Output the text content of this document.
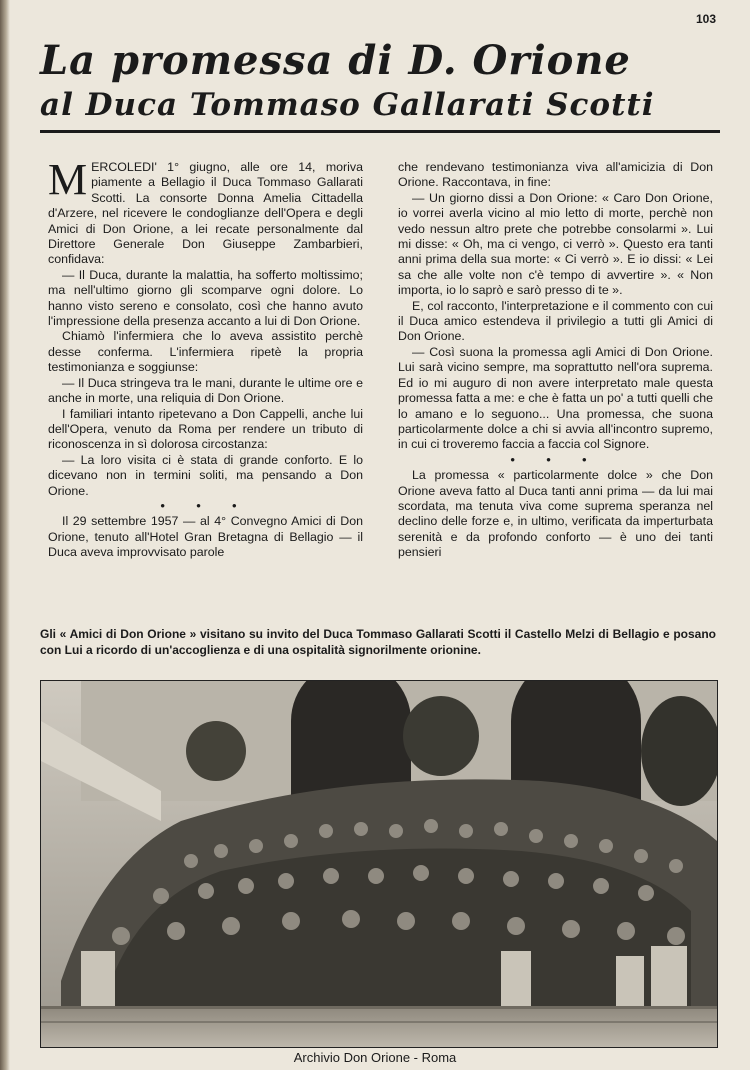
103
La promessa di D. Orione
al Duca Tommaso Gallarati Scotti

MERCOLEDI' 1° giugno, alle ore 14, moriva piamente a Bellagio il Duca Tommaso Gallarati Scotti. La consorte Donna Amelia Cittadella d'Arzere, nel ricevere le condoglianze dell'Opera e degli Amici di Don Orione, a lei recate personalmente dal Direttore Generale Don Giuseppe Zambarbieri, confidava:

— Il Duca, durante la malattia, ha sofferto moltissimo; ma nell'ultimo giorno gli scomparve ogni dolore. Lo hanno visto sereno e consolato, così che hanno avuto l'impressione della presenza accanto a lui di Don Orione.

Chiamò l'infermiera che lo aveva assistito perchè desse conferma. L'infermiera ripetè la propria testimonianza e soggiunse:

— Il Duca stringeva tra le mani, durante le ultime ore e anche in morte, una reliquia di Don Orione.

I familiari intanto ripetevano a Don Cappelli, anche lui dell'Opera, venuto da Roma per rendere un tributo di riconoscenza in sì dolorosa circostanza:

— La loro visita ci è stata di grande conforto. E lo dicevano non in termini soliti, ma pensando a Don Orione.

• • •

Il 29 settembre 1957 — al 4° Convegno Amici di Don Orione, tenuto all'Hotel Gran Bretagna di Bellagio — il Duca aveva improvvisato parole

che rendevano testimonianza viva all'amicizia di Don Orione. Raccontava, in fine:

— Un giorno dissi a Don Orione: « Caro Don Orione, io vorrei averla vicino al mio letto di morte, perchè non vedo nessun altro prete che potrebbe consolarmi ». Lui mi disse: « Oh, ma ci vengo, ci verrò ». Questo era tanti anni prima della sua morte: « Ci verrò ». E io dissi: « Lei sa che alle volte non c'è tempo di avvertire ». « Non importa, io lo saprò e sarò presso di te ».

E, col racconto, l'interpretazione e il commento con cui il Duca amico estendeva il privilegio a tutti gli Amici di Don Orione.

— Così suona la promessa agli Amici di Don Orione. Lui sarà vicino sempre, ma soprattutto nell'ora suprema. Ed io mi auguro di non avere interpretato male questa promessa fatta a me: e che è fatta un po' a tutti quelli che lo amano e lo seguono... Una promessa, che suona particolarmente dolce a chi si avvia all'incontro supremo, in cui ci troveremo faccia a faccia col Signore.

• • •

La promessa « particolarmente dolce » che Don Orione aveva fatto al Duca tanti anni prima — da lui mai scordata, ma tenuta viva come suprema speranza nel declino delle forze e, in ultimo, verificata da imperturbata serenità e da profondo conforto — è uno dei tanti pensieri

Gli « Amici di Don Orione » visitano su invito del Duca Tommaso Gallarati Scotti il Castello Melzi di Bellagio e posano con Lui a ricordo di un'accoglienza e di una ospitalità signorilmente orionine.

Archivio Don Orione - Roma
